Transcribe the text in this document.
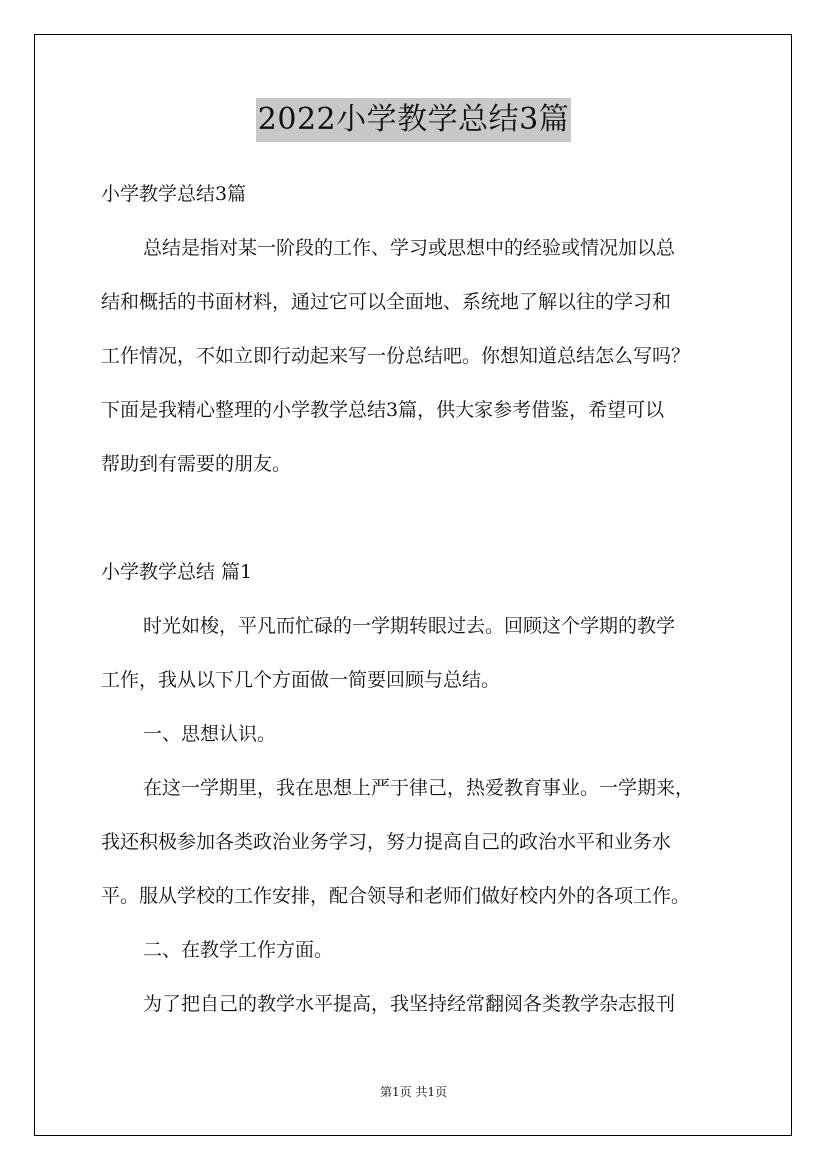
2022小学教学总结3篇
小学教学总结3篇
总结是指对某一阶段的工作、学习或思想中的经验或情况加以总
结和概括的书面材料，通过它可以全面地、系统地了解以往的学习和
工作情况，不如立即行动起来写一份总结吧。你想知道总结怎么写吗？
下面是我精心整理的小学教学总结3篇，供大家参考借鉴，希望可以
帮助到有需要的朋友。
小学教学总结 篇1
时光如梭，平凡而忙碌的一学期转眼过去。回顾这个学期的教学
工作，我从以下几个方面做一简要回顾与总结。
一、思想认识。
在这一学期里，我在思想上严于律己，热爱教育事业。一学期来，
我还积极参加各类政治业务学习，努力提高自己的政治水平和业务水
平。服从学校的工作安排，配合领导和老师们做好校内外的各项工作。
二、在教学工作方面。
为了把自己的教学水平提高，我坚持经常翻阅各类教学杂志报刊
第1页 共1页
